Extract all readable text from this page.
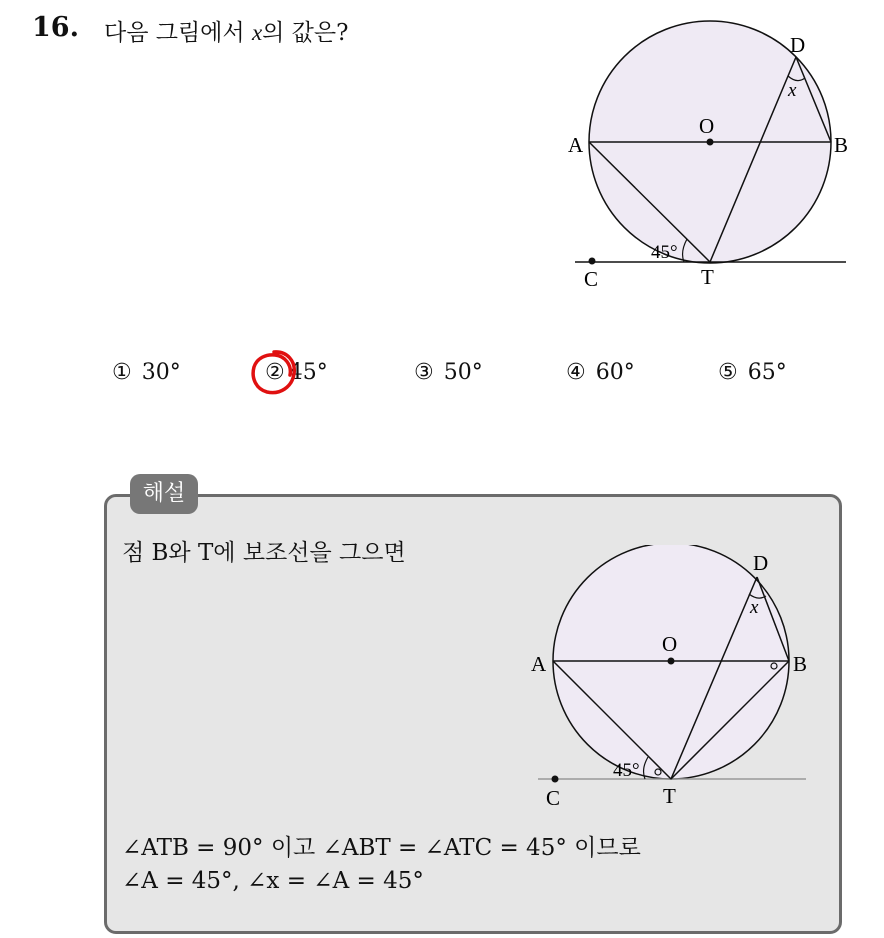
16. 다음 그림에서 x의 값은?	D
x
O
A	B
45°
C	T
① 30°	② 45°	③ 50°	④ 60°	⑤ 65°
해설
점 B와 T에 보조선을 그으면	D
x
O
A	B
45°
C	T
∠ATB = 90° 이고 ∠ABT = ∠ATC = 45° 이므로
∠A = 45°, ∠x = ∠A = 45°
